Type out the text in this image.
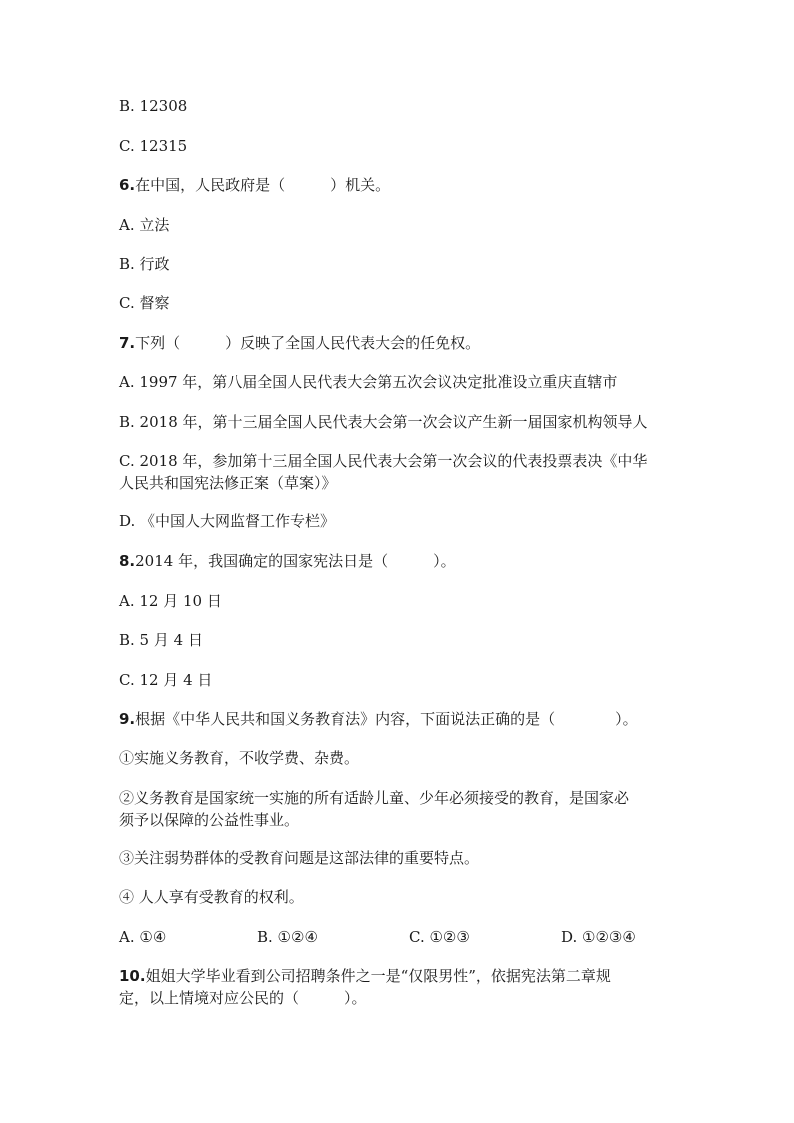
B. 12308
C. 12315
6.在中国，人民政府是（　　　）机关。
A. 立法
B. 行政
C. 督察
7.下列（　　　）反映了全国人民代表大会的任免权。
A. 1997 年，第八届全国人民代表大会第五次会议决定批准设立重庆直辖市
B. 2018 年，第十三届全国人民代表大会第一次会议产生新一届国家机构领导人
C. 2018 年，参加第十三届全国人民代表大会第一次会议的代表投票表决《中华
人民共和国宪法修正案（草案）》
D. 《中国人大网监督工作专栏》
8.2014 年，我国确定的国家宪法日是（　　　）。
A. 12 月 10 日
B. 5 月 4 日
C. 12 月 4 日
9.根据《中华人民共和国义务教育法》内容，下面说法正确的是（　　　　）。
①实施义务教育，不收学费、杂费。
②义务教育是国家统一实施的所有适龄儿童、少年必须接受的教育，是国家必
须予以保障的公益性事业。
③关注弱势群体的受教育问题是这部法律的重要特点。
④ 人人享有受教育的权利。
A. ①④	B. ①②④	C. ①②③	D. ①②③④
10.姐姐大学毕业看到公司招聘条件之一是“仅限男性”，依据宪法第二章规
定，以上情境对应公民的（　　　）。
